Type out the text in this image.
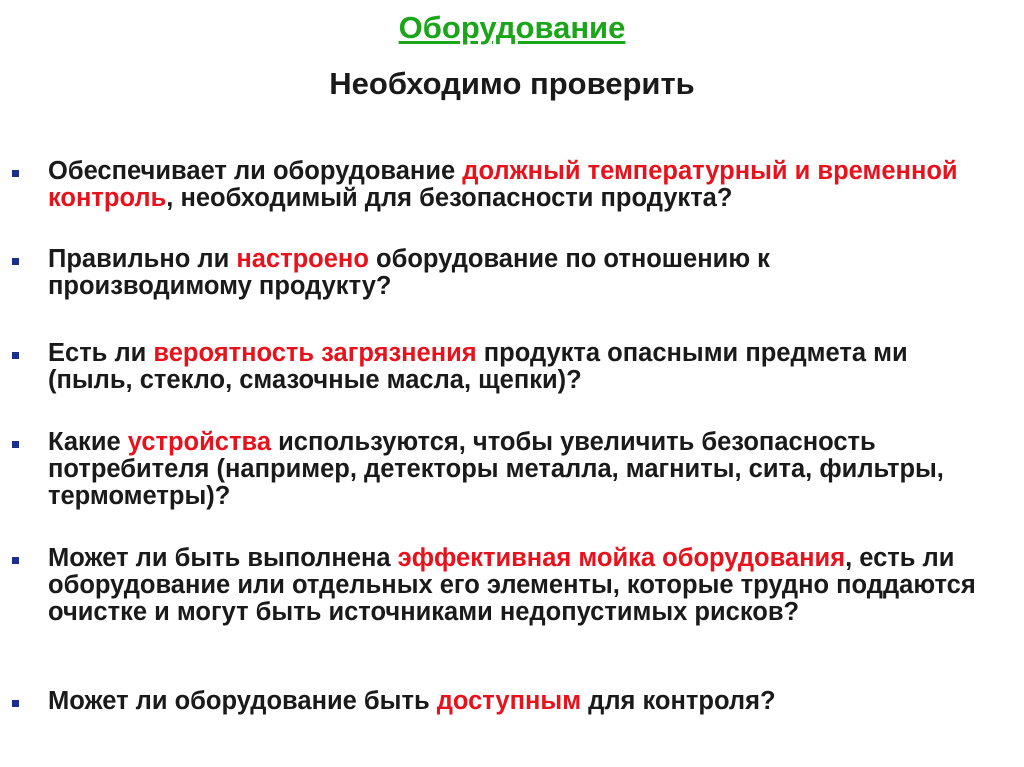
Оборудование
Необходимо проверить

Обеспечивает ли оборудование должный температурный и временной контроль, необходимый для безопасности продукта?

Правильно ли настроено оборудование по отношению к производимому продукту?

Есть ли вероятность загрязнения продукта опасными предмета ми (пыль, стекло, смазочные масла, щепки)?

Какие устройства используются, чтобы увеличить безопасность потребителя (например, детекторы металла, магниты, сита, фильтры, термометры)?

Может ли быть выполнена эффективная мойка оборудования, есть ли оборудование или отдельных его элементы, которые трудно поддаются очистке и могут быть источниками недопустимых рисков?

Может ли оборудование быть доступным для контроля?
